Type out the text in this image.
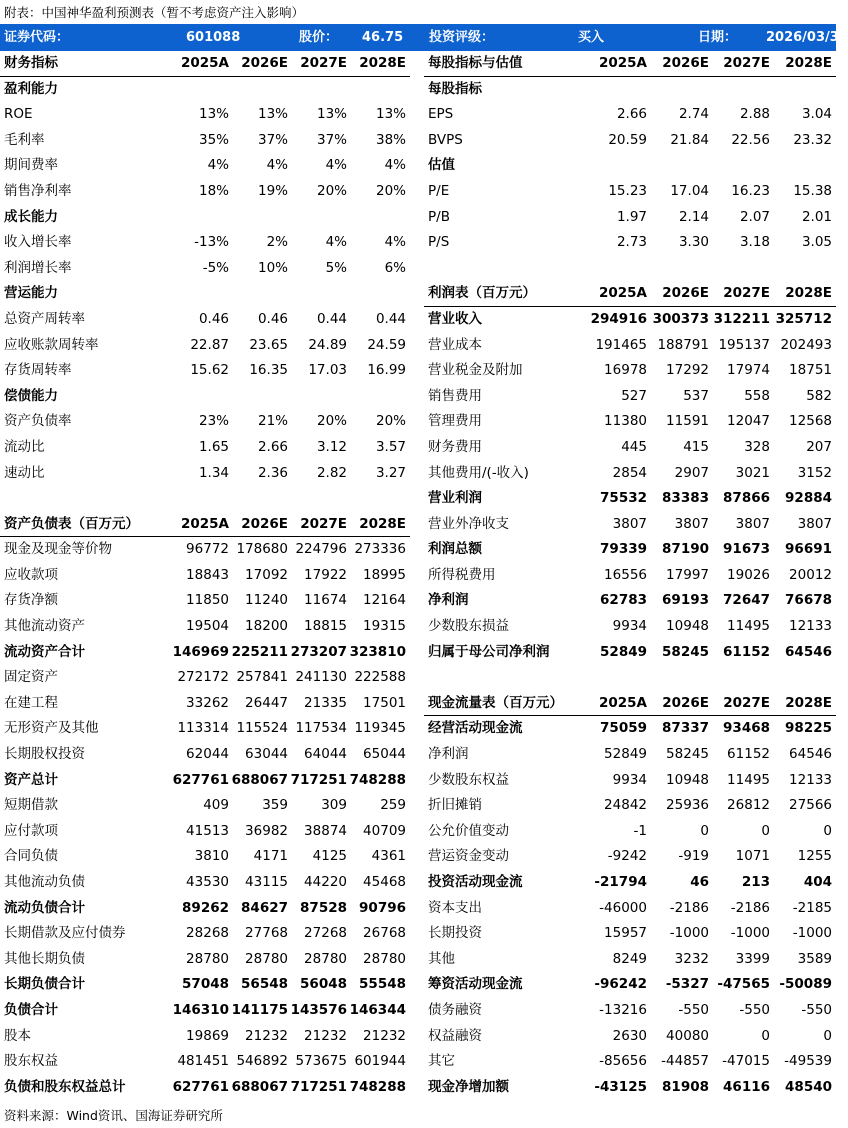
附表：中国神华盈利预测表（暂不考虑资产注入影响）
证券代码：	601088	股价： 46.75 投资评级：	买入	日期： 2026/03/31
财务指标	2025A 2026E 2027E 2028E
盈利能力
ROE	13% 13% 13% 13%
毛利率	35% 37% 37% 38%
期间费率	4%	4%	4%	4%
销售净利率	18% 19% 20% 20%
成长能力
收入增长率	-13%	2%	4%	4%
利润增长率	-5% 10%	5%	6%
营运能力
总资产周转率	0.46 0.46 0.44 0.44
应收账款周转率	22.87 23.65 24.89 24.59
存货周转率	15.62 16.35 17.03 16.99
偿债能力
资产负债率	23% 21% 20% 20%
流动比	1.65 2.66 3.12 3.57
速动比	1.34 2.36 2.82 3.27
资产负债表（百万元）	2025A 2026E 2027E 2028E
现金及现金等价物	96772 178680 224796 273336
应收款项	18843 17092 17922 18995
存货净额	11850 11240 11674 12164
其他流动资产	19504 18200 18815 19315
流动资产合计	146969 225211 273207 323810
固定资产	272172 257841 241130 222588
在建工程	33262 26447 21335 17501
无形资产及其他	113314 115524 117534 119345
长期股权投资	62044 63044 64044 65044
资产总计	627761 688067 717251 748288
短期借款	409 359 309 259
应付款项	41513 36982 38874 40709
合同负债	3810 4171 4125 4361
其他流动负债	43530 43115 44220 45468
流动负债合计	89262 84627 87528 90796
长期借款及应付债券	28268 27768 27268 26768
其他长期负债	28780 28780 28780 28780
长期负债合计	57048 56548 56048 55548
负债合计	146310 141175 143576 146344
股本	19869 21232 21232 21232
股东权益	481451 546892 573675 601944
负债和股东权益总计	627761 688067 717251 748288
每股指标与估值	2025A 2026E 2027E 2028E
每股指标
EPS	2.66 2.74 2.88 3.04
BVPS	20.59 21.84 22.56 23.32
估值
P/E	15.23 17.04 16.23 15.38
P/B	1.97 2.14 2.07 2.01
P/S	2.73 3.30 3.18 3.05
利润表（百万元）	2025A 2026E 2027E 2028E
营业收入	294916 300373 312211 325712
营业成本	191465 188791 195137 202493
营业税金及附加	16978 17292 17974 18751
销售费用	527	537	558	582
管理费用	11380 11591 12047 12568
财务费用	445	415	328	207
其他费用/(-收入)	2854 2907 3021 3152
营业利润	75532 83383 87866 92884
营业外净收支	3807 3807 3807 3807
利润总额	79339 87190 91673 96691
所得税费用	16556 17997 19026 20012
净利润	62783 69193 72647 76678
少数股东损益	9934 10948 11495 12133
归属于母公司净利润	52849 58245 61152 64546
现金流量表（百万元）	2025A 2026E 2027E 2028E
经营活动现金流	75059 87337 93468 98225
净利润	52849 58245 61152 64546
少数股东权益	9934 10948 11495 12133
折旧摊销	24842 25936 26812 27566
公允价值变动	-1	0	0	0
营运资金变动	-9242 -919 1071 1255
投资活动现金流	-21794	46 213	404
资本支出	-46000 -2186 -2186 -2185
长期投资	15957 -1000 -1000 -1000
其他	8249 3232 3399 3589
筹资活动现金流	-96242 -5327 -47565 -50089
债务融资	-13216 -550 -550 -550
权益融资	2630 40080	0	0
其它	-85656 -44857 -47015 -49539
现金净增加额	-43125 81908 46116 48540
资料来源：Wind资讯、国海证券研究所
